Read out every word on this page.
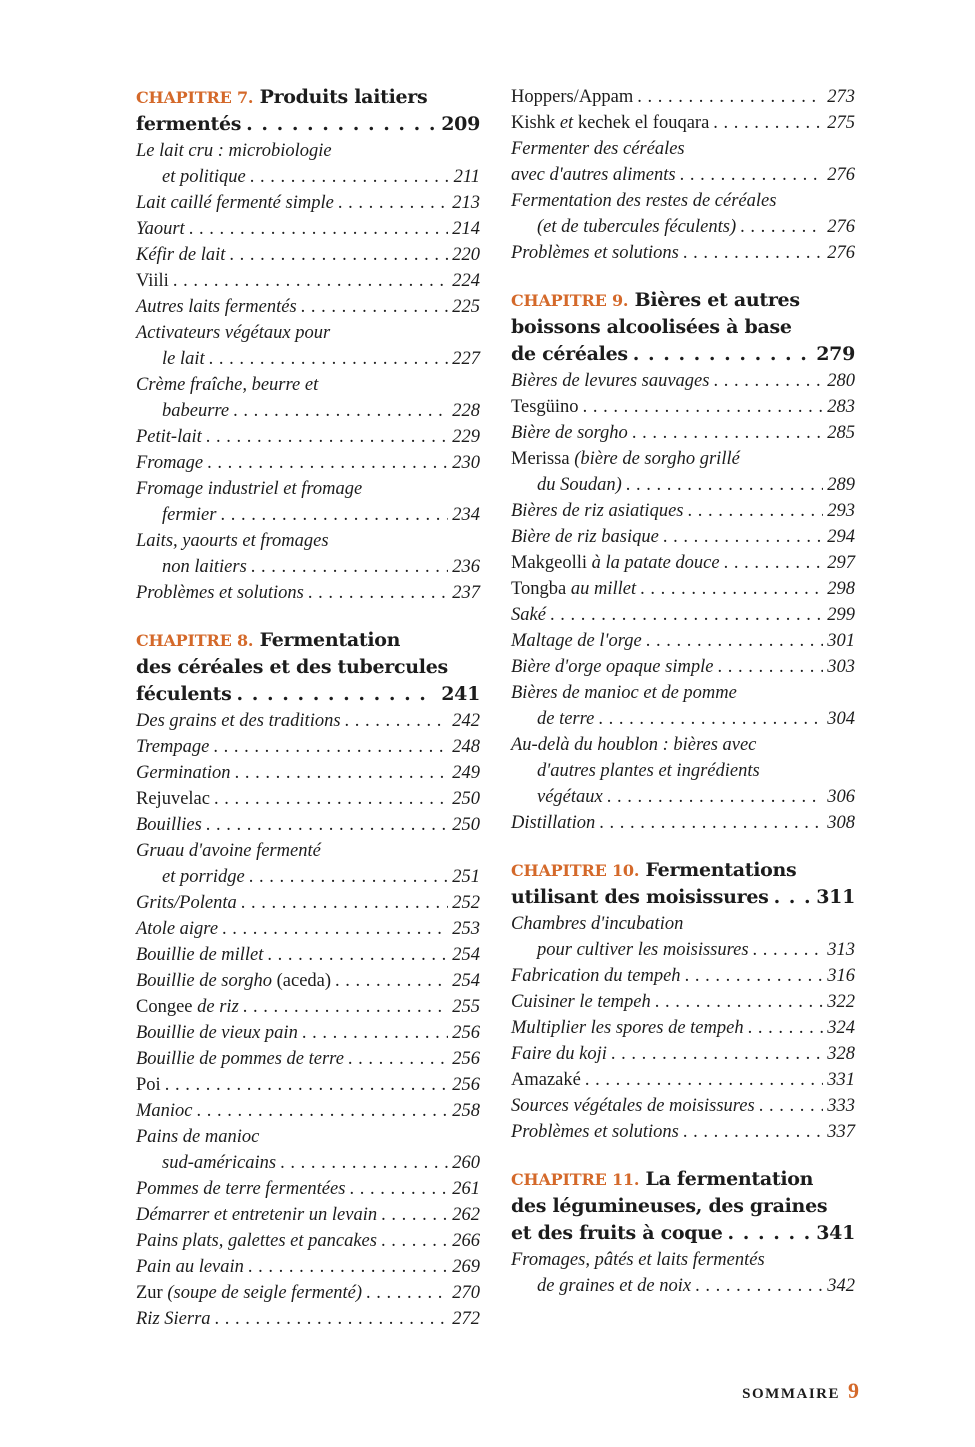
CHAPITRE 7. Produits laitiers
fermentés . . .	209
Le lait cru : microbiologie
et politique . . .	211
Lait caillé fermenté simple . . .	213
Yaourt . . .	214
Kéfir de lait . . .	220
Viili . . .	224
Autres laits fermentés . . .	225
Activateurs végétaux pour
le lait . . .	227
Crème fraîche, beurre et
babeurre . . .	228
Petit-lait . . .	229
Fromage . . .	230
Fromage industriel et fromage
fermier . . .	234
Laits, yaourts et fromages
non laitiers . . .	236
Problèmes et solutions . . .	237
CHAPITRE 8. Fermentation
des céréales et des tubercules
féculents . . .	241
Des grains et des traditions . . .	242
Trempage . . .	248
Germination . . .	249
Rejuvelac . . .	250
Bouillies . . .	250
Gruau d'avoine fermenté
et porridge . . .	251
Grits/Polenta . . .	252
Atole aigre . . .	253
Bouillie de millet . . .	254
Bouillie de sorgho (aceda) . . .	254
Congee de riz . . .	255
Bouillie de vieux pain . . .	256
Bouillie de pommes de terre . . .	256
Poi . . .	256
Manioc . . .	258
Pains de manioc
sud-américains . . .	260
Pommes de terre fermentées . . .	261
Démarrer et entretenir un levain . . .	262
Pains plats, galettes et pancakes . . .	266
Pain au levain . . .	269
Zur (soupe de seigle fermenté) . . .	270
Riz Sierra . . .	272
Hoppers/Appam . . .	273
Kishk et kechek el fouqara . . .	275
Fermenter des céréales
avec d'autres aliments . . .	276
Fermentation des restes de céréales
(et de tubercules féculents) . . .	276
Problèmes et solutions . . .	276
CHAPITRE 9. Bières et autres
boissons alcoolisées à base
de céréales . . .	279
Bières de levures sauvages . . .	280
Tesgüino . . .	283
Bière de sorgho . . .	285
Merissa (bière de sorgho grillé
du Soudan) . . .	289
Bières de riz asiatiques . . .	293
Bière de riz basique . . .	294
Makgeolli à la patate douce . . .	297
Tongba au millet . . .	298
Saké . . .	299
Maltage de l'orge . . .	301
Bière d'orge opaque simple . . .	303
Bières de manioc et de pomme
de terre . . .	304
Au-delà du houblon : bières avec
d'autres plantes et ingrédients
végétaux . . .	306
Distillation . . .	308
CHAPITRE 10. Fermentations
utilisant des moisissures . . .	311
Chambres d'incubation
pour cultiver les moisissures . . .	313
Fabrication du tempeh . . .	316
Cuisiner le tempeh . . .	322
Multiplier les spores de tempeh . . .	324
Faire du koji . . .	328
Amazaké . . .	331
Sources végétales de moisissures . . .	333
Problèmes et solutions . . .	337
CHAPITRE 11. La fermentation
des légumineuses, des graines
et des fruits à coque . . .	341
Fromages, pâtés et laits fermentés
de graines et de noix . . .	342
SOMMAIRE 9
